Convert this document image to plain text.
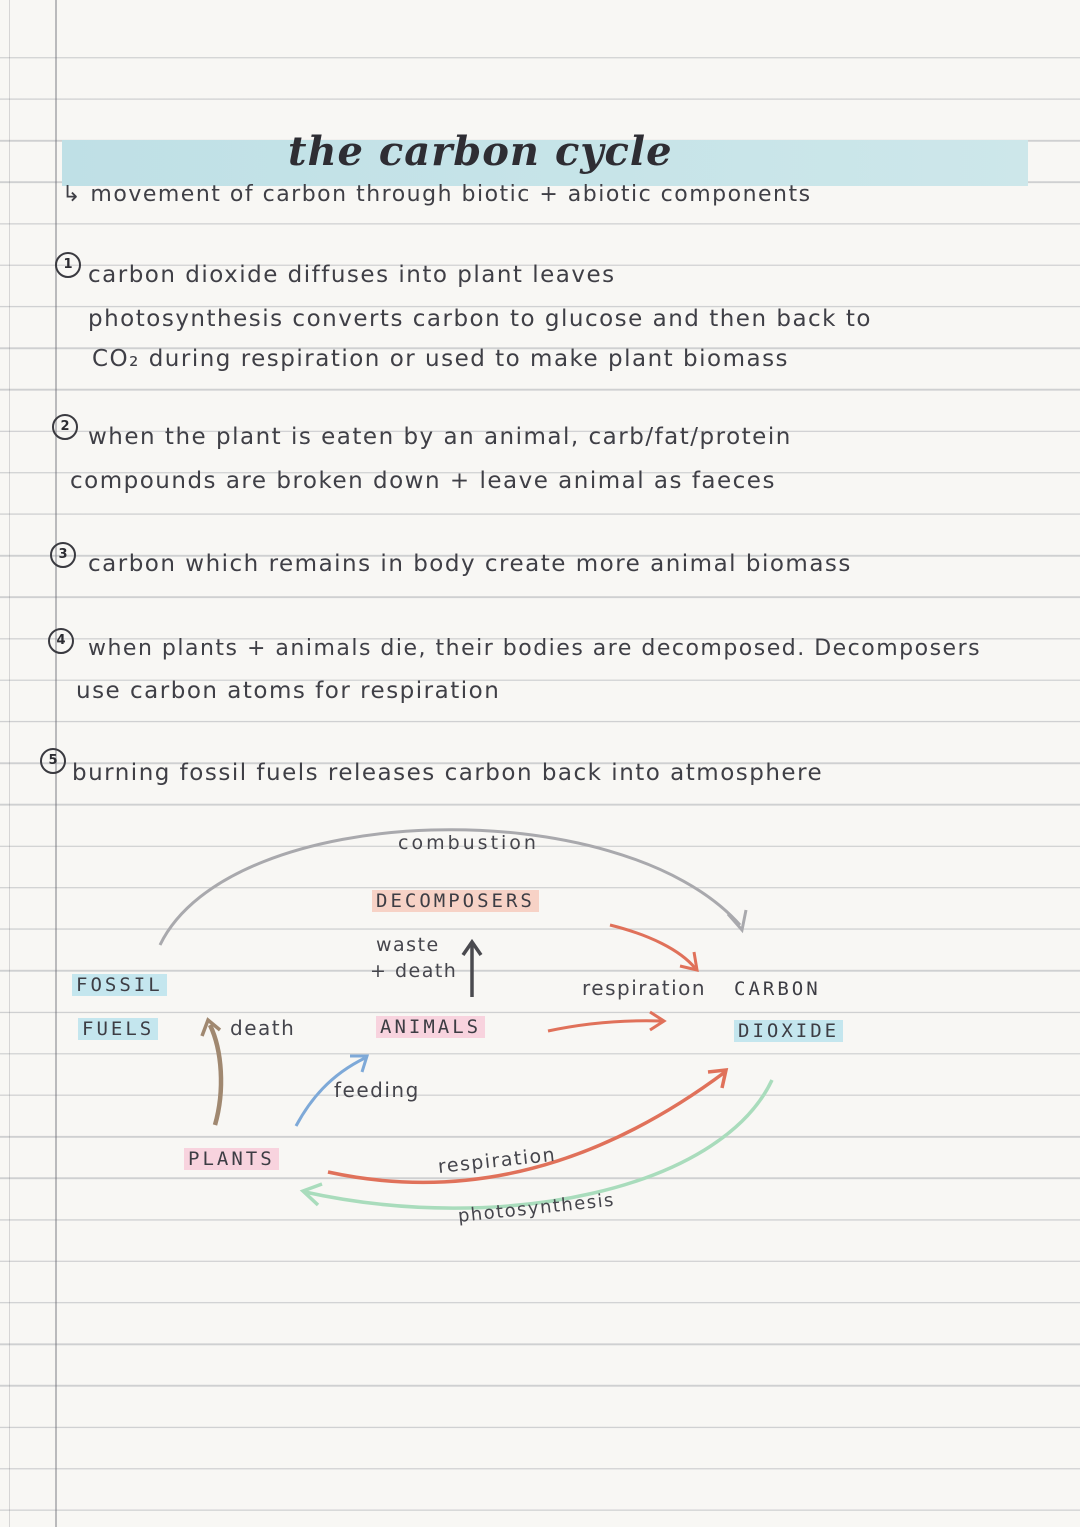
the carbon cycle
↳ movement of carbon through biotic + abiotic components
1 carbon dioxide diffuses into plant leaves
photosynthesis converts carbon to glucose and then back to
CO₂ during respiration or used to make plant biomass
2 when the plant is eaten by an animal, carb/fat/protein
compounds are broken down + leave animal as faeces
3 carbon which remains in body create more animal biomass
4	when plants + animals die, their bodies are decomposed. Decomposers
use carbon atoms for respiration
5 burning fossil fuels releases carbon back into atmosphere
combustion
DECOMPOSERS
waste
+ death
respiration
FOSSIL
FUELS	death	ANIMALS
CARBON
DIOXIDE
feeding
PLANTS	respiration
photosynthesis
